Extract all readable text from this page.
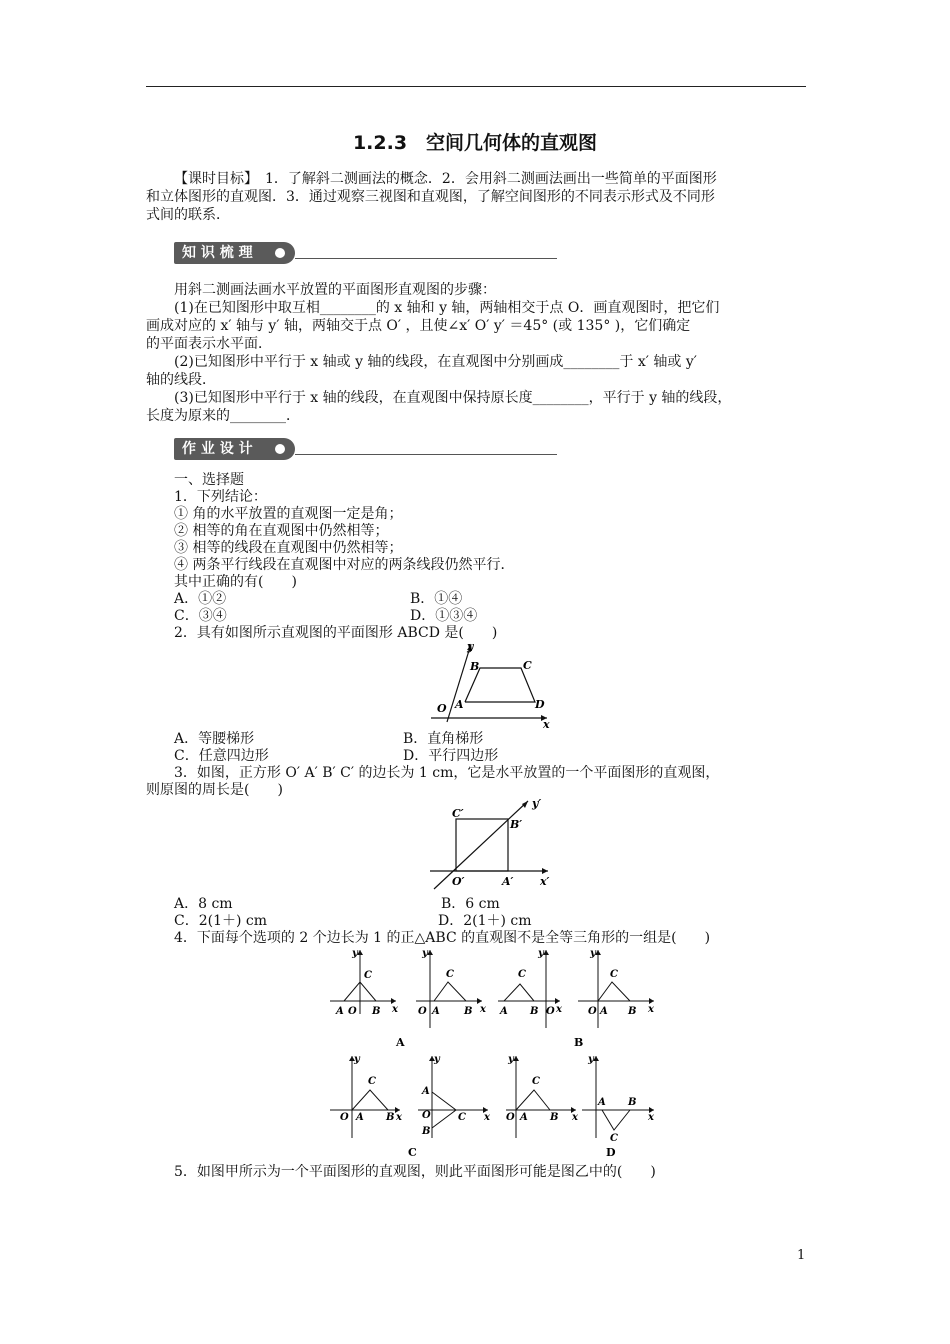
1.2.3　空间几何体的直观图
【课时目标】　1．了解斜二测画法的概念．2．会用斜二测画法画出一些简单的平面图形
和立体图形的直观图．3．通过观察三视图和直观图，了解空间图形的不同表示形式及不同形
式间的联系．
知 识 梳 理
用斜二测画法画水平放置的平面图形直观图的步骤：
(1)在已知图形中取互相________的 x 轴和 y 轴，两轴相交于点 O．画直观图时，把它们
画成对应的 x′ 轴与 y′ 轴，两轴交于点 O′ ，且使∠x′ O′ y′ ＝45° (或 135° )，它们确定
的平面表示水平面．
(2)已知图形中平行于 x 轴或 y 轴的线段，在直观图中分别画成________于 x′ 轴或 y′
轴的线段．
(3)已知图形中平行于 x 轴的线段，在直观图中保持原长度________，平行于 y 轴的线段，
长度为原来的________．
作 业 设 计
一、选择题
1．下列结论：
① 角的水平放置的直观图一定是角；
② 相等的角在直观图中仍然相等；
③ 相等的线段在直观图中仍然相等；
④ 两条平行线段在直观图中对应的两条线段仍然平行．
其中正确的有(　　)
A．①②	B．①④
C．③④	D．①③④
2．具有如图所示直观图的平面图形 ABCD 是(　　)
y
x
O A
B	C
D
A．等腰梯形	B．直角梯形
C．任意四边形	D．平行四边形
3．如图，正方形 O′ A′ B′ C′ 的边长为 1 cm，它是水平放置的一个平面图形的直观图，
则原图的周长是(　　)
y′
x′
O′	A′
B′
C′
A．8 cm	B．6 cm
C．2(1＋) cm	D．2(1＋) cm
4．下面每个选项的 2 个边长为 1 的正△ABC 的直观图不是全等三角形的一组是(　　)
y
x
C
A O B
y
x
C
O A B
y
x
C
A B O
y
x
C
O A B
A	B
y
x
C
O A B
y
x
C
A
O
B
y
x
C
O A B
y
x
C
A B
C	D
5．如图甲所示为一个平面图形的直观图，则此平面图形可能是图乙中的(　　)
1
